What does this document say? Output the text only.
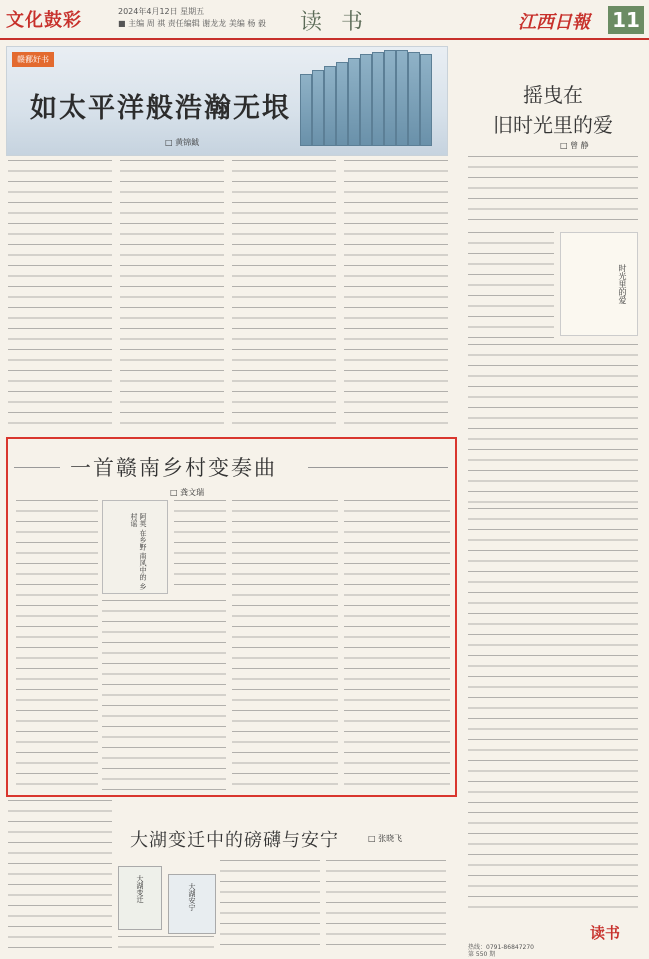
文化鼓彩	2024年4月12日 星期五
■ 主编 周 祺 责任编辑 谢龙龙 美编 杨 毅 读 书	江西日報 11
赣鄱好书
如太平洋般浩瀚无垠
□ 黄锦鉞
摇曳在
旧时光里的爱
□ 曾 静
时光里的爱
一首赣南乡村变奏曲
□ 龚文瑞
阿英 在乡野 南风中的 乡村谣
大湖变迁中的磅礴与安宁	□ 张晓飞
大湖变迁	大湖安宁
读书
热线：0791-86847270
第 550 期
